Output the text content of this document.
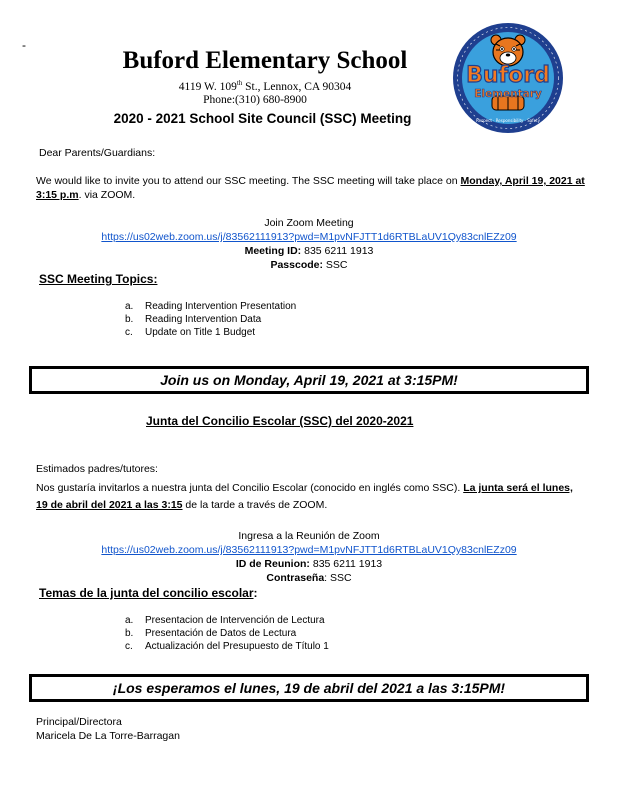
-
Buford Elementary School
4119 W. 109th St., Lennox, CA 90304
Phone:(310) 680-8900
2020 - 2021 School Site Council (SSC) Meeting
Buford
Elementary
Respect · Responsibility · Safety
Dear Parents/Guardians:
We would like to invite you to attend our SSC meeting. The SSC meeting will take place on Monday, April 19, 2021 at 3:15 p.m. via ZOOM.
Join Zoom Meeting
https://us02web.zoom.us/j/83562111913?pwd=M1pvNFJTT1d6RTBLaUV1Qy83cnlEZz09
Meeting ID: 835 6211 1913
Passcode: SSC
SSC Meeting Topics:
a. Reading Intervention Presentation
b. Reading Intervention Data
c. Update on Title 1 Budget
Join us on Monday, April 19, 2021 at 3:15PM!
Junta del Concilio Escolar (SSC) del 2020-2021
Estimados padres/tutores:
Nos gustaría invitarlos a nuestra junta del Concilio Escolar (conocido en inglés como SSC). La junta será el lunes, 19 de abril del 2021 a las 3:15 de la tarde a través de ZOOM.
Ingresa a la Reunión de Zoom
https://us02web.zoom.us/j/83562111913?pwd=M1pvNFJTT1d6RTBLaUV1Qy83cnlEZz09
ID de Reunion: 835 6211 1913
Contraseña: SSC
Temas de la junta del concilio escolar:
a. Presentacion de Intervención de Lectura
b. Presentación de Datos de Lectura
c. Actualización del Presupuesto de Título 1
¡Los esperamos el lunes, 19 de abril del 2021 a las 3:15PM!
Principal/Directora
Maricela De La Torre-Barragan
